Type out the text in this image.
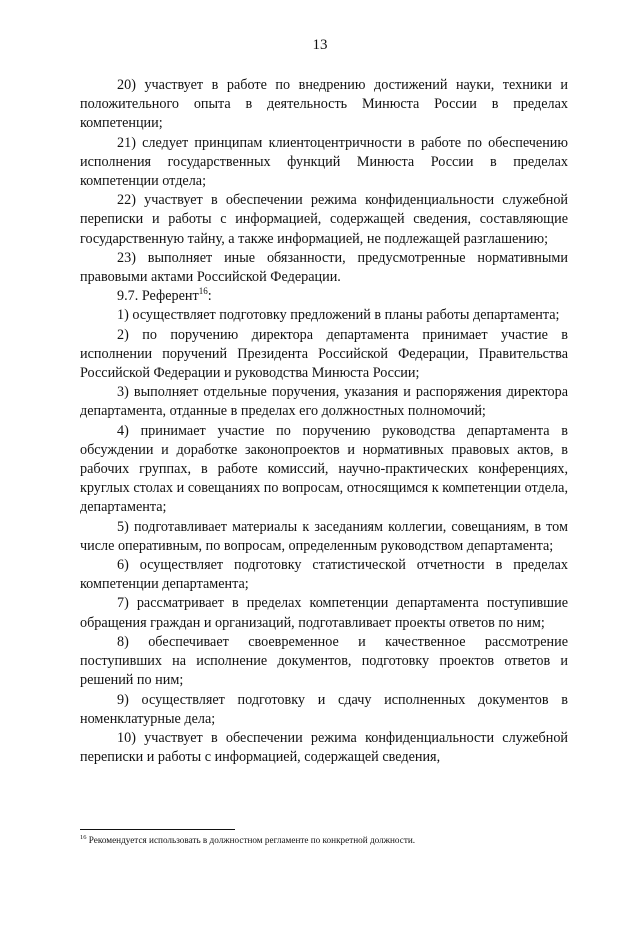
13

20) участвует в работе по внедрению достижений науки, техники и положительного опыта в деятельность Минюста России в пределах компетенции;

21) следует принципам клиентоцентричности в работе по обеспечению исполнения государственных функций Минюста России в пределах компетенции отдела;

22) участвует в обеспечении режима конфиденциальности служебной переписки и работы с информацией, содержащей сведения, составляющие государственную тайну, а также информацией, не подлежащей разглашению;

23) выполняет иные обязанности, предусмотренные нормативными правовыми актами Российской Федерации.

9.7. Референт$^{16}$:

1) осуществляет подготовку предложений в планы работы департамента;

2) по поручению директора департамента принимает участие в исполнении поручений Президента Российской Федерации, Правительства Российской Федерации и руководства Минюста России;

3) выполняет отдельные поручения, указания и распоряжения директора департамента, отданные в пределах его должностных полномочий;

4) принимает участие по поручению руководства департамента в обсуждении и доработке законопроектов и нормативных правовых актов, в рабочих группах, в работе комиссий, научно-практических конференциях, круглых столах и совещаниях по вопросам, относящимся к компетенции отдела, департамента;

5) подготавливает материалы к заседаниям коллегии, совещаниям, в том числе оперативным, по вопросам, определенным руководством департамента;

6) осуществляет подготовку статистической отчетности в пределах компетенции департамента;

7) рассматривает в пределах компетенции департамента поступившие обращения граждан и организаций, подготавливает проекты ответов по ним;

8) обеспечивает своевременное и качественное рассмотрение поступивших на исполнение документов, подготовку проектов ответов и решений по ним;

9) осуществляет подготовку и сдачу исполненных документов в номенклатурные дела;

10) участвует в обеспечении режима конфиденциальности служебной переписки и работы с информацией, содержащей сведения,

$^{16}$ Рекомендуется использовать в должностном регламенте по конкретной должности.
